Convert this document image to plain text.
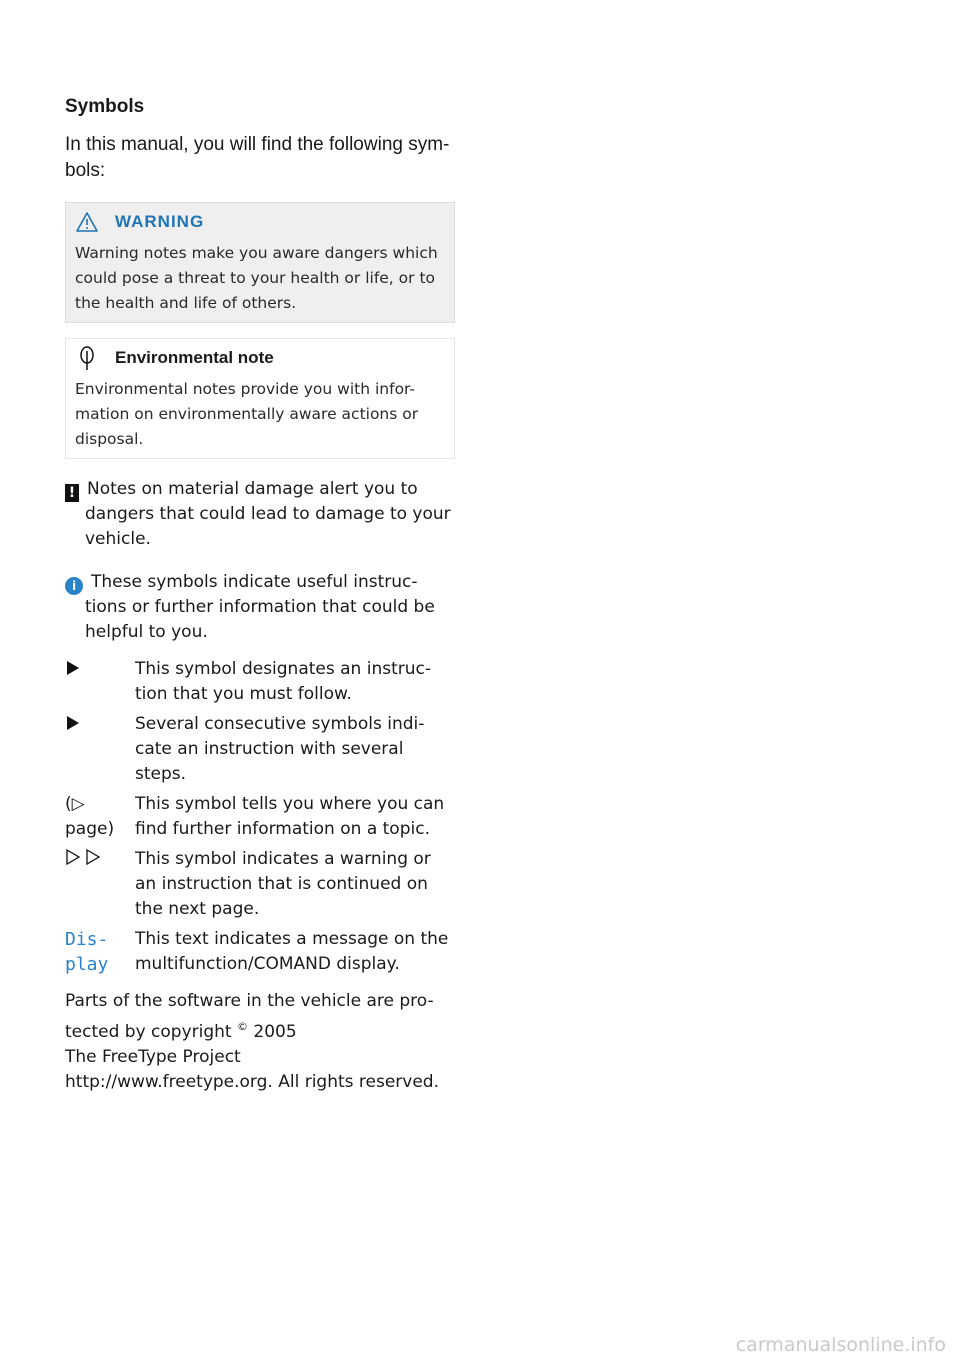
Symbols
In this manual, you will find the following sym-bols:
WARNING
Warning notes make you aware dangers which could pose a threat to your health or life, or to the health and life of others.
Environmental note
Environmental notes provide you with infor-mation on environmentally aware actions or disposal.
! Notes on material damage alert you to dangers that could lead to damage to your vehicle.
i These symbols indicate useful instruc-tions or further information that could be helpful to you.
This symbol designates an instruc-tion that you must follow.
Several consecutive symbols indi-cate an instruction with several steps.
(▷ page)
This symbol tells you where you can find further information on a topic.
This symbol indicates a warning or an instruction that is continued on the next page.
Dis-play
This text indicates a message on the multifunction/COMAND display.
Parts of the software in the vehicle are pro-tected by copyright © 2005
The FreeType Project
http://www.freetype.org. All rights reserved.
carmanualsonline.info
